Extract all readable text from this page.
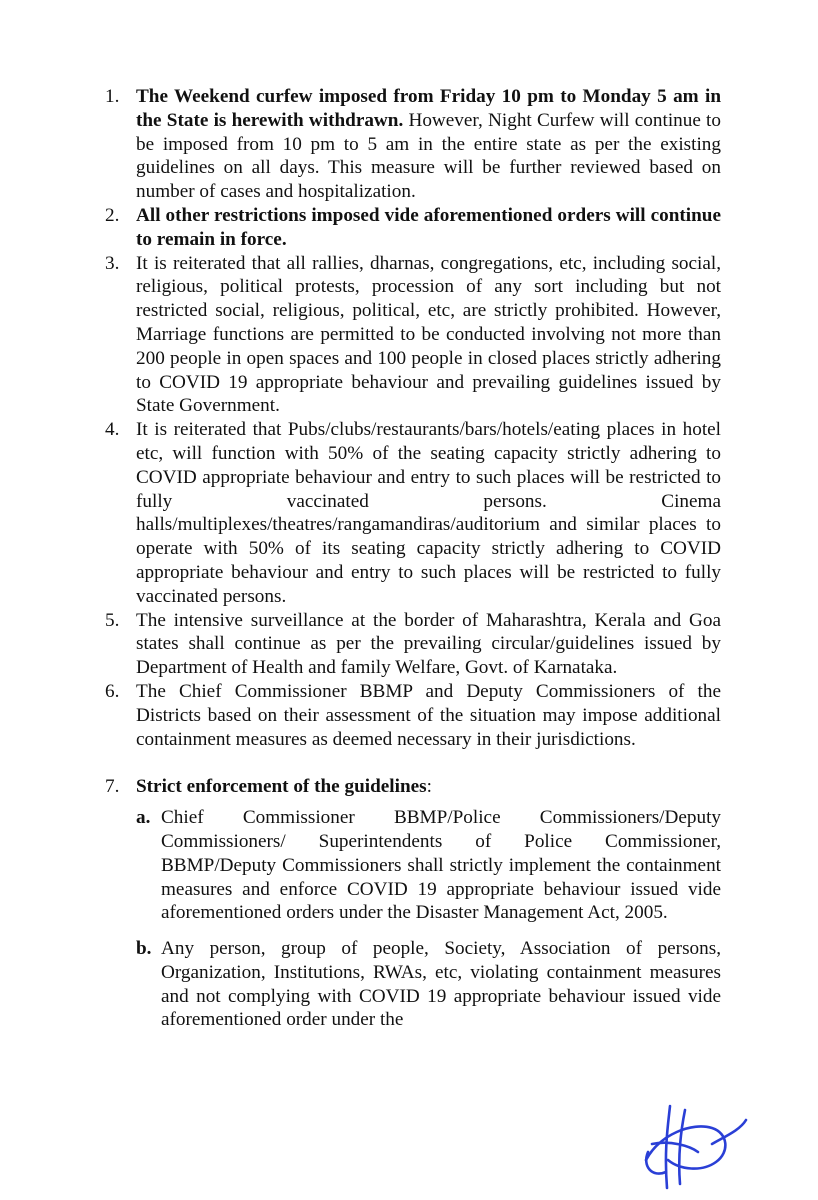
1. The Weekend curfew imposed from Friday 10 pm to Monday 5 am in the State is herewith withdrawn. However, Night Curfew will continue to be imposed from 10 pm to 5 am in the entire state as per the existing guidelines on all days. This measure will be further reviewed based on number of cases and hospitalization.
2. All other restrictions imposed vide aforementioned orders will continue to remain in force.
3. It is reiterated that all rallies, dharnas, congregations, etc, including social, religious, political protests, procession of any sort including but not restricted social, religious, political, etc, are strictly prohibited. However, Marriage functions are permitted to be conducted involving not more than 200 people in open spaces and 100 people in closed places strictly adhering to COVID 19 appropriate behaviour and prevailing guidelines issued by State Government.
4. It is reiterated that Pubs/clubs/restaurants/bars/hotels/eating places in hotel etc, will function with 50% of the seating capacity strictly adhering to COVID appropriate behaviour and entry to such places will be restricted to fully vaccinated persons. Cinema halls/multiplexes/theatres/rangamandiras/auditorium and similar places to operate with 50% of its seating capacity strictly adhering to COVID appropriate behaviour and entry to such places will be restricted to fully vaccinated persons.
5. The intensive surveillance at the border of Maharashtra, Kerala and Goa states shall continue as per the prevailing circular/guidelines issued by Department of Health and family Welfare, Govt. of Karnataka.
6. The Chief Commissioner BBMP and Deputy Commissioners of the Districts based on their assessment of the situation may impose additional containment measures as deemed necessary in their jurisdictions.
7. Strict enforcement of the guidelines:
a. Chief Commissioner BBMP/Police Commissioners/Deputy Commissioners/ Superintendents of Police Commissioner, BBMP/Deputy Commissioners shall strictly implement the containment measures and enforce COVID 19 appropriate behaviour issued vide aforementioned orders under the Disaster Management Act, 2005.
b. Any person, group of people, Society, Association of persons, Organization, Institutions, RWAs, etc, violating containment measures and not complying with COVID 19 appropriate behaviour issued vide aforementioned order under the
